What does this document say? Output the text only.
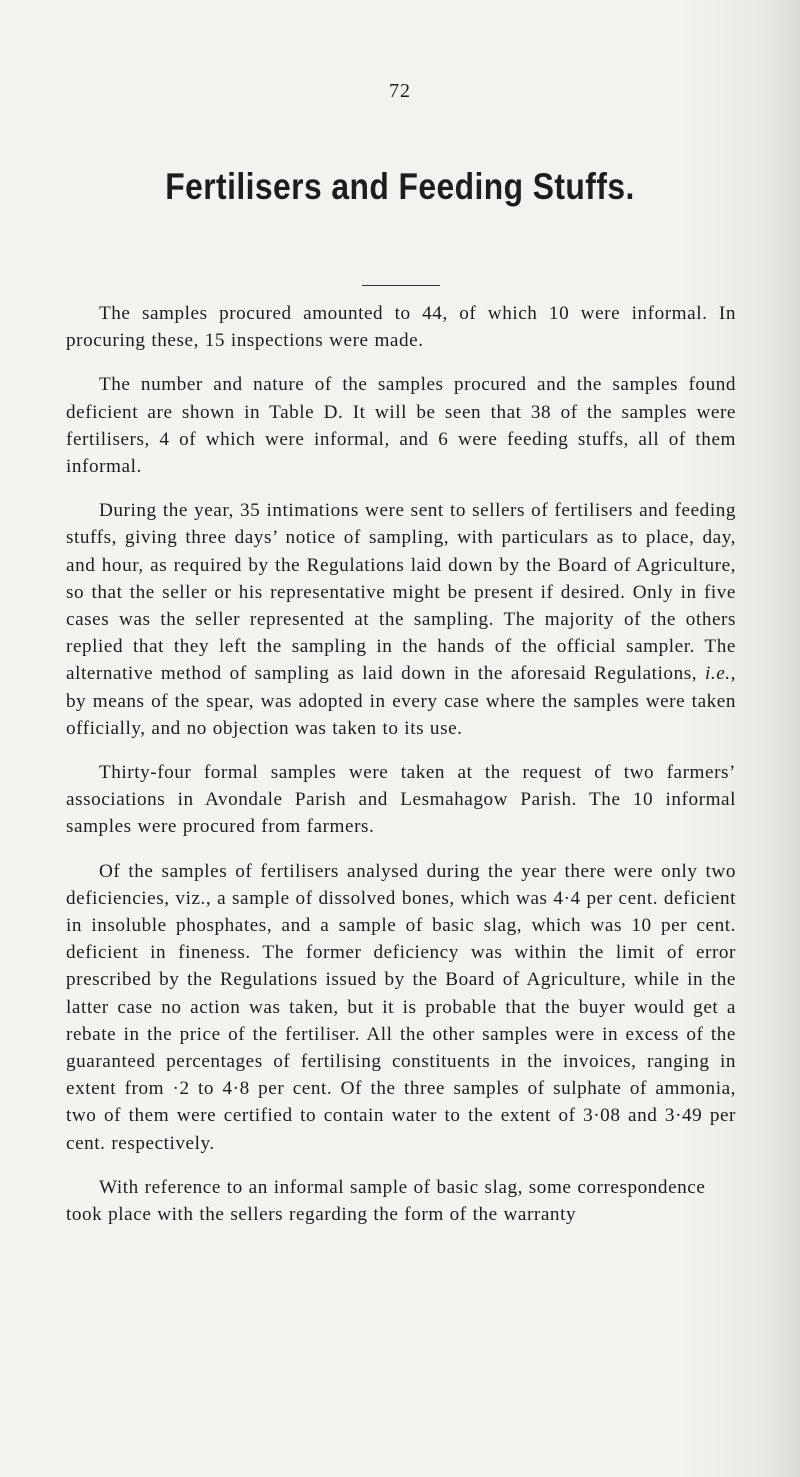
72
Fertilisers and Feeding Stuffs.

The samples procured amounted to 44, of which 10 were informal. In procuring these, 15 inspections were made.

The number and nature of the samples procured and the samples found deficient are shown in Table D. It will be seen that 38 of the samples were fertilisers, 4 of which were informal, and 6 were feeding stuffs, all of them informal.

During the year, 35 intimations were sent to sellers of fertilisers and feeding stuffs, giving three days’ notice of sampling, with particulars as to place, day, and hour, as required by the Regulations laid down by the Board of Agriculture, so that the seller or his representative might be present if desired. Only in five cases was the seller represented at the sampling. The majority of the others replied that they left the sampling in the hands of the official sampler. The alternative method of sampling as laid down in the aforesaid Regulations, i.e., by means of the spear, was adopted in every case where the samples were taken officially, and no objection was taken to its use.

Thirty-four formal samples were taken at the request of two farmers’ associations in Avondale Parish and Lesmahagow Parish. The 10 informal samples were procured from farmers.

Of the samples of fertilisers analysed during the year there were only two deficiencies, viz., a sample of dissolved bones, which was 4·4 per cent. deficient in insoluble phosphates, and a sample of basic slag, which was 10 per cent. deficient in fineness. The former deficiency was within the limit of error prescribed by the Regulations issued by the Board of Agriculture, while in the latter case no action was taken, but it is probable that the buyer would get a rebate in the price of the fertiliser. All the other samples were in excess of the guaranteed percentages of fertilising constituents in the invoices, ranging in extent from ·2 to 4·8 per cent. Of the three samples of sulphate of ammonia, two of them were certified to contain water to the extent of 3·08 and 3·49 per cent. respectively.

With reference to an informal sample of basic slag, some correspondence took place with the sellers regarding the form of the warranty
